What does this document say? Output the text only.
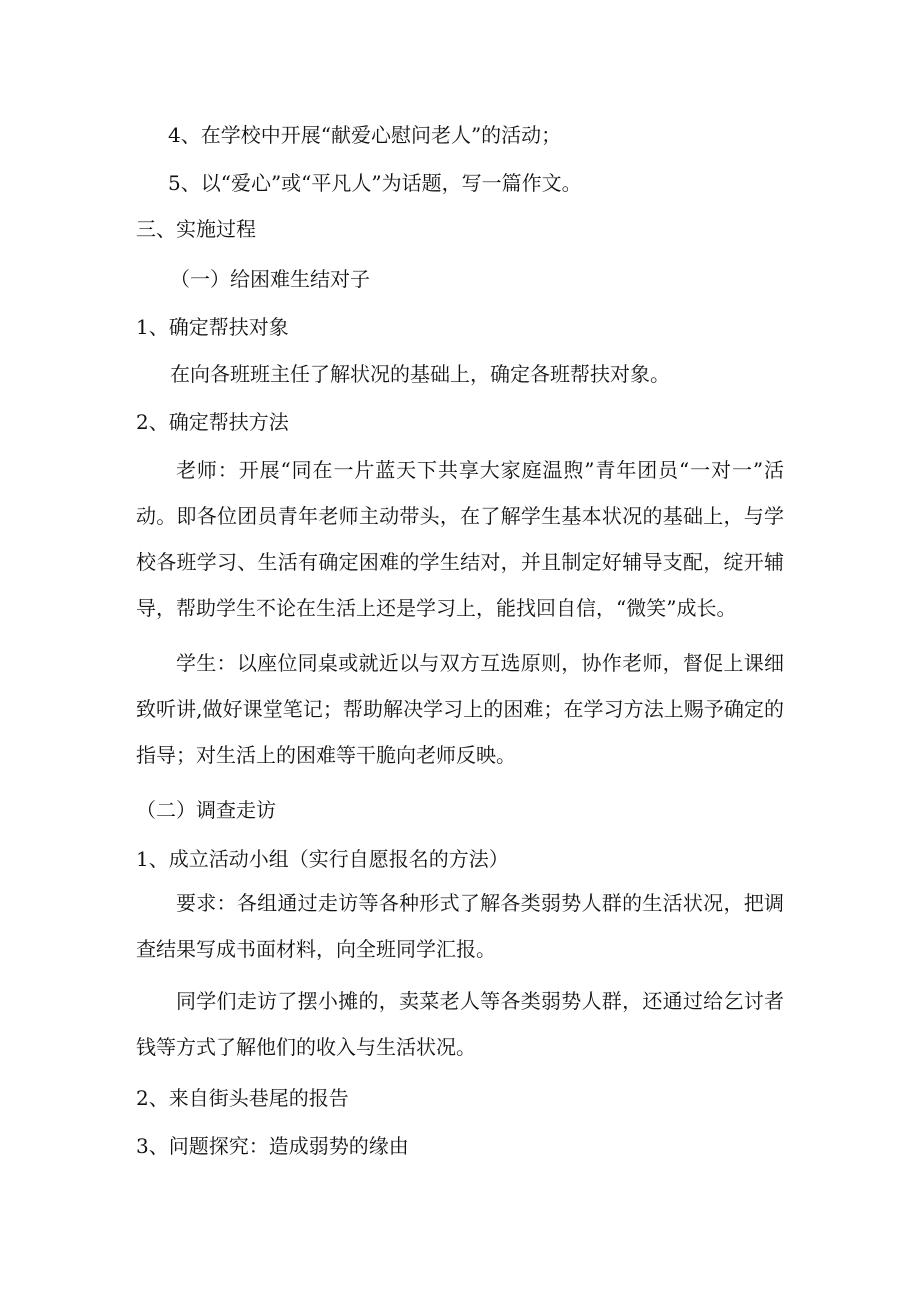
4、在学校中开展“献爱心慰问老人”的活动；

5、以“爱心”或“平凡人”为话题，写一篇作文。

三、实施过程

（一）给困难生结对子

1、确定帮扶对象

在向各班班主任了解状况的基础上，确定各班帮扶对象。

2、确定帮扶方法

老师：开展“同在一片蓝天下共享大家庭温煦”青年团员“一对一”活动。即各位团员青年老师主动带头，在了解学生基本状况的基础上，与学校各班学习、生活有确定困难的学生结对，并且制定好辅导支配，绽开辅导，帮助学生不论在生活上还是学习上，能找回自信，“微笑”成长。

学生：以座位同桌或就近以与双方互选原则，协作老师，督促上课细致听讲,做好课堂笔记；帮助解决学习上的困难；在学习方法上赐予确定的指导；对生活上的困难等干脆向老师反映。

（二）调查走访

1、成立活动小组（实行自愿报名的方法）

要求：各组通过走访等各种形式了解各类弱势人群的生活状况，把调查结果写成书面材料，向全班同学汇报。

同学们走访了摆小摊的，卖菜老人等各类弱势人群，还通过给乞讨者钱等方式了解他们的收入与生活状况。

2、来自街头巷尾的报告

3、问题探究：造成弱势的缘由
